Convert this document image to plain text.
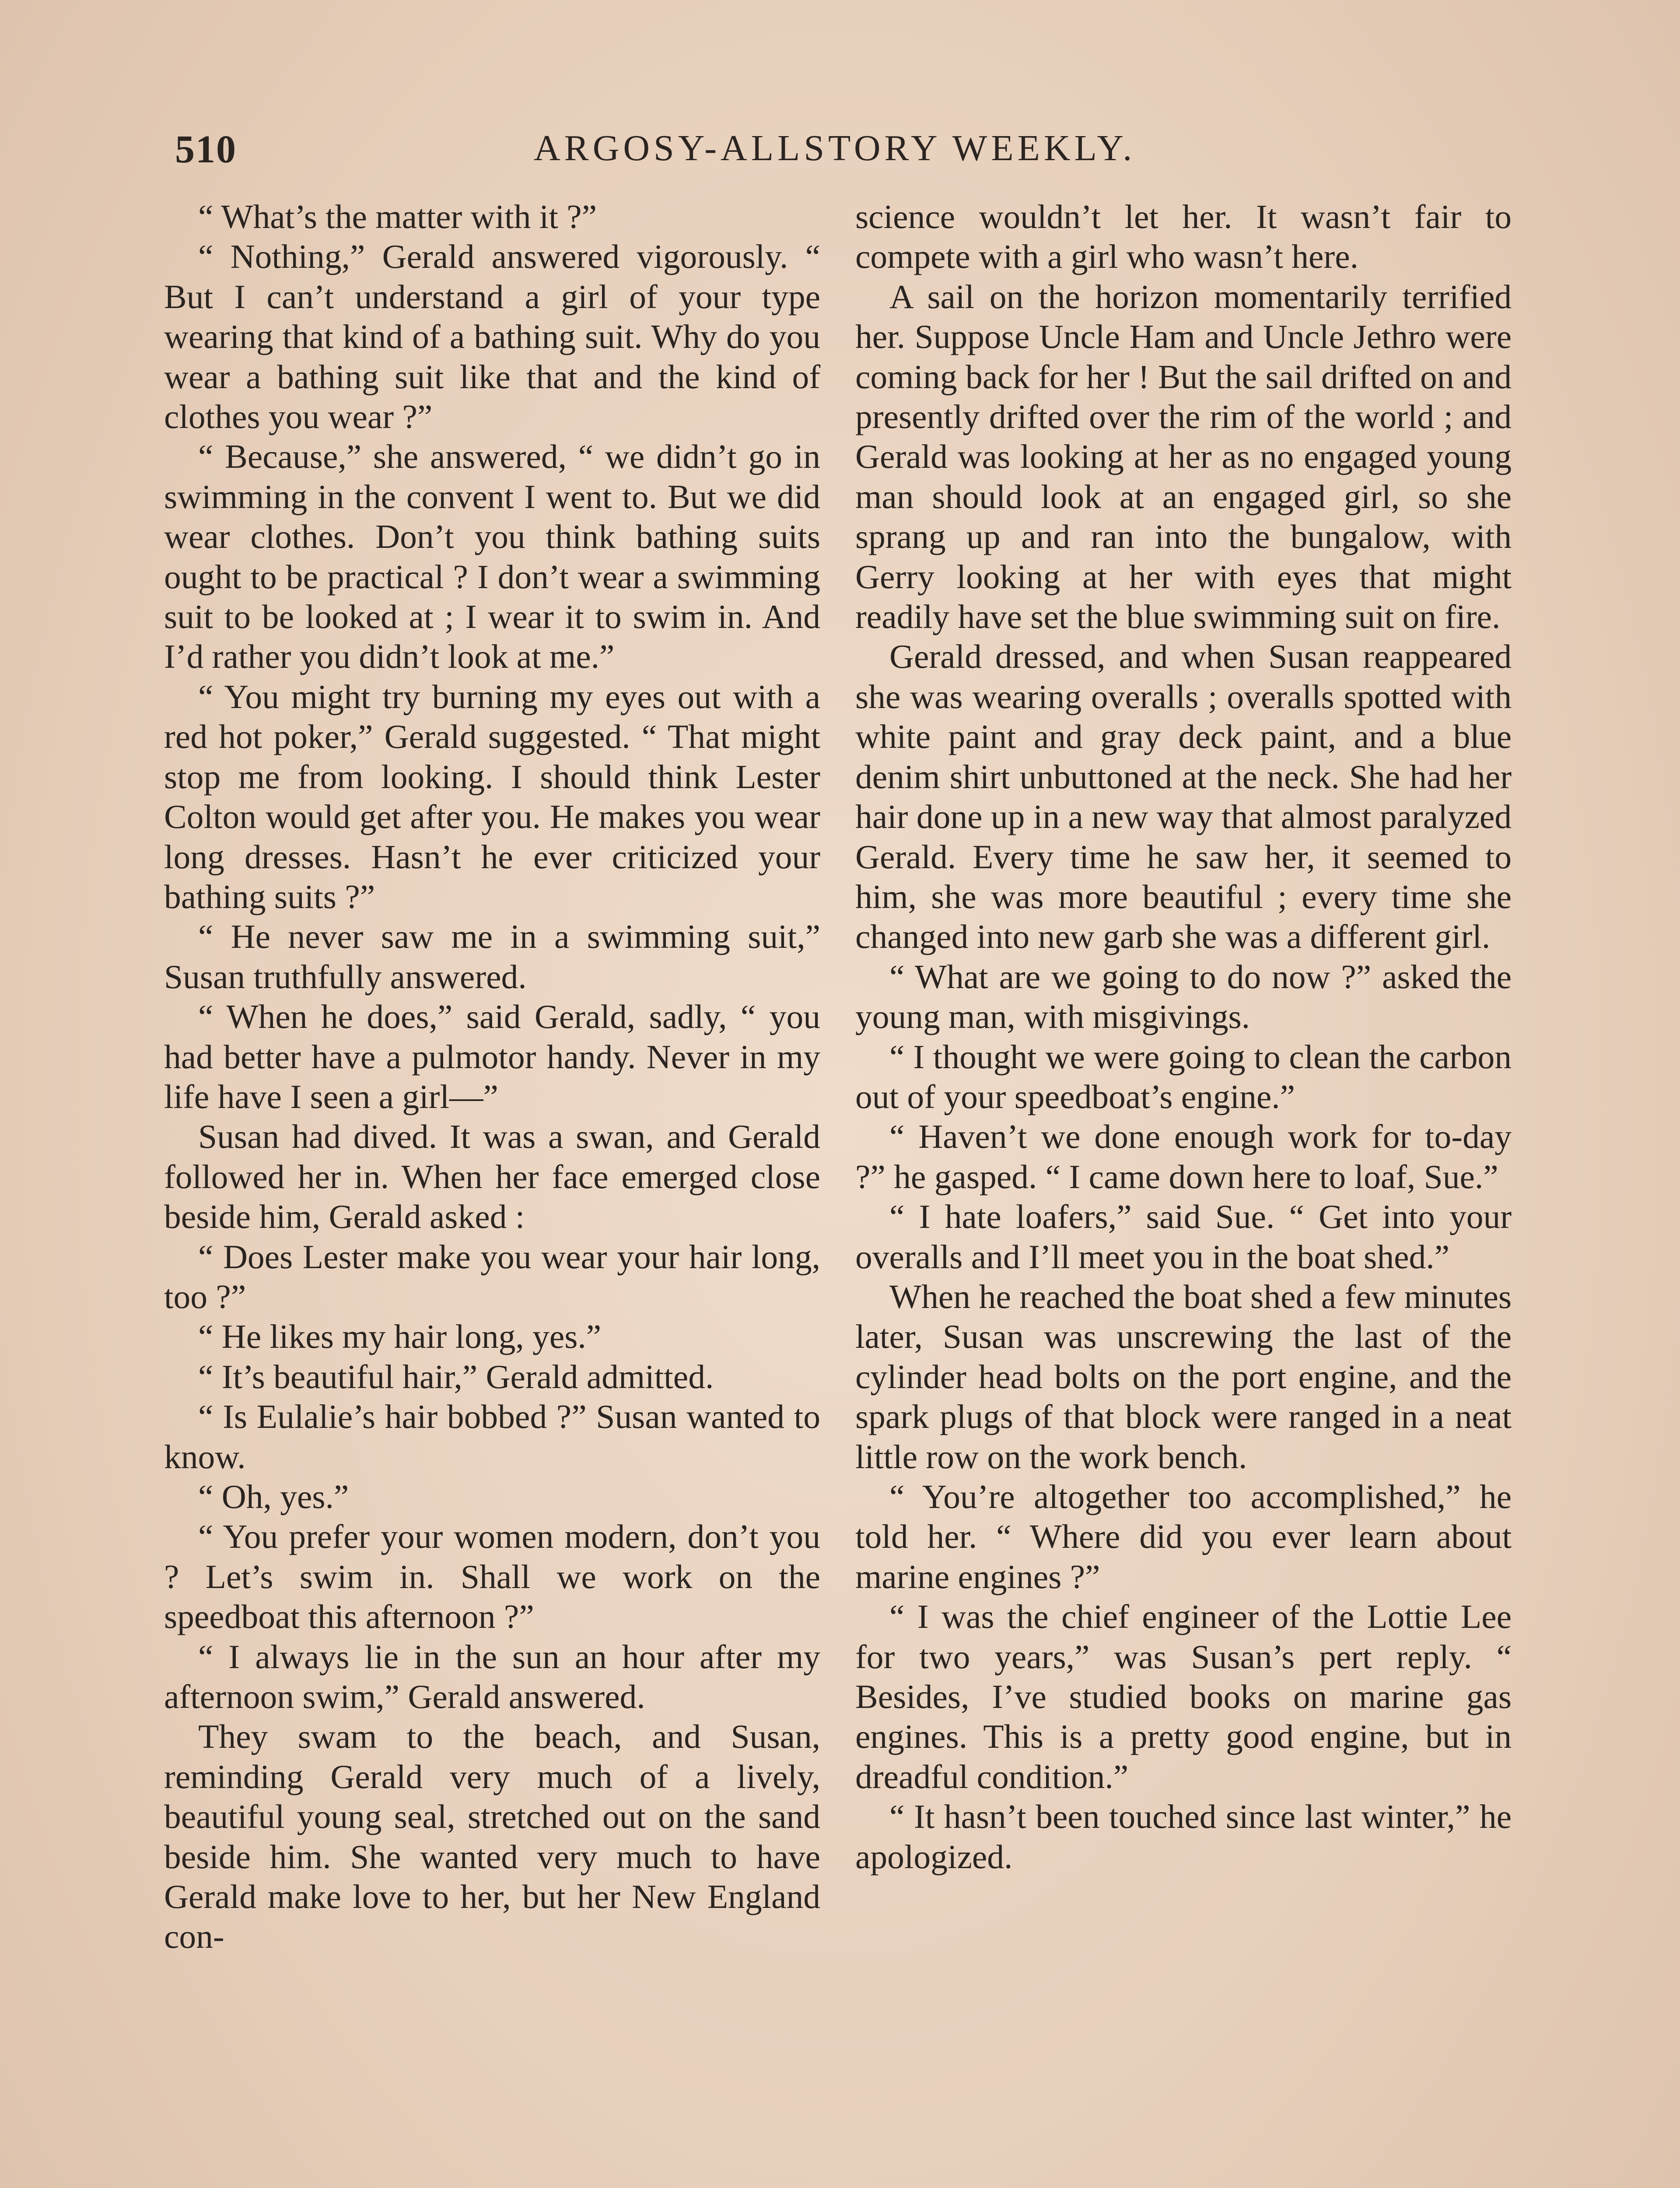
510	ARGOSY-ALLSTORY WEEKLY.

“ What’s the matter with it ?”

“ Nothing,” Gerald answered vigorously. “ But I can’t understand a girl of your type wearing that kind of a bathing suit. Why do you wear a bathing suit like that and the kind of clothes you wear ?”

“ Because,” she answered, “ we didn’t go in swimming in the convent I went to. But we did wear clothes. Don’t you think bathing suits ought to be practical ? I don’t wear a swimming suit to be looked at ; I wear it to swim in. And I’d rather you didn’t look at me.”

“ You might try burning my eyes out with a red hot poker,” Gerald suggested. “ That might stop me from looking. I should think Lester Colton would get after you. He makes you wear long dresses. Hasn’t he ever criticized your bathing suits ?”

“ He never saw me in a swimming suit,” Susan truthfully answered.

“ When he does,” said Gerald, sadly, “ you had better have a pulmotor handy. Never in my life have I seen a girl—”

Susan had dived. It was a swan, and Gerald followed her in. When her face emerged close beside him, Gerald asked :

“ Does Lester make you wear your hair long, too ?”

“ He likes my hair long, yes.”

“ It’s beautiful hair,” Gerald admitted.

“ Is Eulalie’s hair bobbed ?” Susan wanted to know.

“ Oh, yes.”

“ You prefer your women modern, don’t you ? Let’s swim in. Shall we work on the speedboat this afternoon ?”

“ I always lie in the sun an hour after my afternoon swim,” Gerald answered.

They swam to the beach, and Susan, reminding Gerald very much of a lively, beautiful young seal, stretched out on the sand beside him. She wanted very much to have Gerald make love to her, but her New England con-

science wouldn’t let her. It wasn’t fair to compete with a girl who wasn’t here.

A sail on the horizon momentarily terrified her. Suppose Uncle Ham and Uncle Jethro were coming back for her ! But the sail drifted on and presently drifted over the rim of the world ; and Gerald was looking at her as no engaged young man should look at an engaged girl, so she sprang up and ran into the bungalow, with Gerry looking at her with eyes that might readily have set the blue swimming suit on fire.

Gerald dressed, and when Susan reappeared she was wearing overalls ; overalls spotted with white paint and gray deck paint, and a blue denim shirt unbuttoned at the neck. She had her hair done up in a new way that almost paralyzed Gerald. Every time he saw her, it seemed to him, she was more beautiful ; every time she changed into new garb she was a different girl.

“ What are we going to do now ?” asked the young man, with misgivings.

“ I thought we were going to clean the carbon out of your speedboat’s engine.”

“ Haven’t we done enough work for to-day ?” he gasped. “ I came down here to loaf, Sue.”

“ I hate loafers,” said Sue. “ Get into your overalls and I’ll meet you in the boat shed.”

When he reached the boat shed a few minutes later, Susan was unscrewing the last of the cylinder head bolts on the port engine, and the spark plugs of that block were ranged in a neat little row on the work bench.

“ You’re altogether too accomplished,” he told her. “ Where did you ever learn about marine engines ?”

“ I was the chief engineer of the Lottie Lee for two years,” was Susan’s pert reply. “ Besides, I’ve studied books on marine gas engines. This is a pretty good engine, but in dreadful condition.”

“ It hasn’t been touched since last winter,” he apologized.
